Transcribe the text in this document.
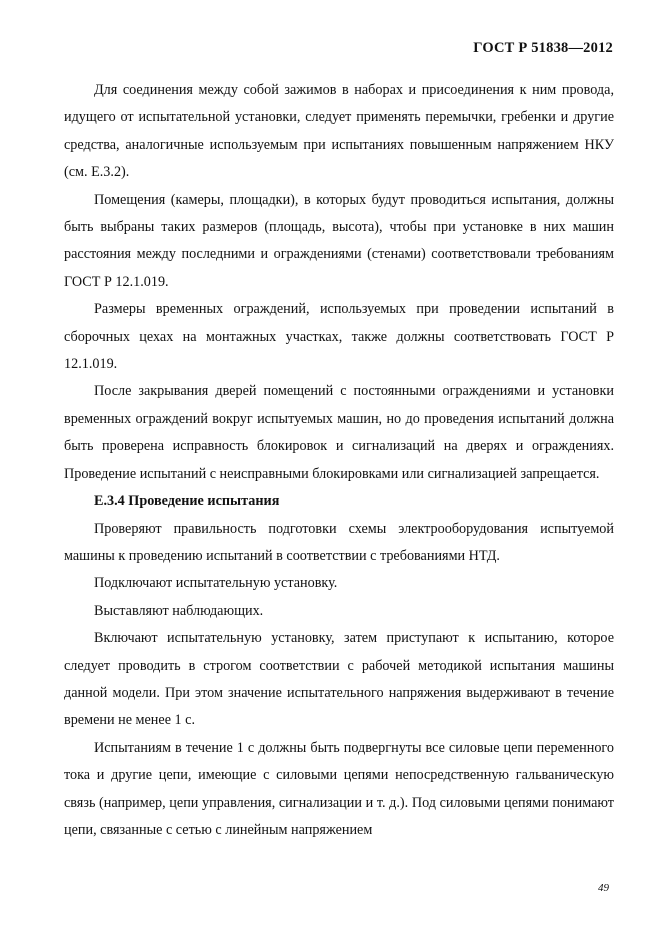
ГОСТ Р 51838—2012

Для соединения между собой зажимов в наборах и присоединения к ним провода, идущего от испытательной установки, следует применять перемычки, гребенки и другие средства, аналогичные используемым при испытаниях повышенным напряжением НКУ (см. Е.3.2).

Помещения (камеры, площадки), в которых будут проводиться испытания, должны быть выбраны таких размеров (площадь, высота), чтобы при установке в них машин расстояния между последними и ограждениями (стенами) соответствовали требованиям ГОСТ Р 12.1.019.

Размеры временных ограждений, используемых при проведении испытаний в сборочных цехах на монтажных участках, также должны соответствовать ГОСТ Р 12.1.019.

После закрывания дверей помещений с постоянными ограждениями и установки временных ограждений вокруг испытуемых машин, но до проведения испытаний должна быть проверена исправность блокировок и сигнализаций на дверях и ограждениях. Проведение испытаний с неисправными блокировками или сигнализацией запрещается.

Е.3.4 Проведение испытания

Проверяют правильность подготовки схемы электрооборудования испытуемой машины к проведению испытаний в соответствии с требованиями НТД.

Подключают испытательную установку.

Выставляют наблюдающих.

Включают испытательную установку, затем приступают к испытанию, которое следует проводить в строгом соответствии с рабочей методикой испытания машины данной модели. При этом значение испытательного напряжения выдерживают в течение времени не менее 1 с.

Испытаниям в течение 1 с должны быть подвергнуты все силовые цепи переменного тока и другие цепи, имеющие с силовыми цепями непосредственную гальваническую связь (например, цепи управления, сигнализации и т. д.). Под силовыми цепями понимают цепи, связанные с сетью с линейным напряжением

49
